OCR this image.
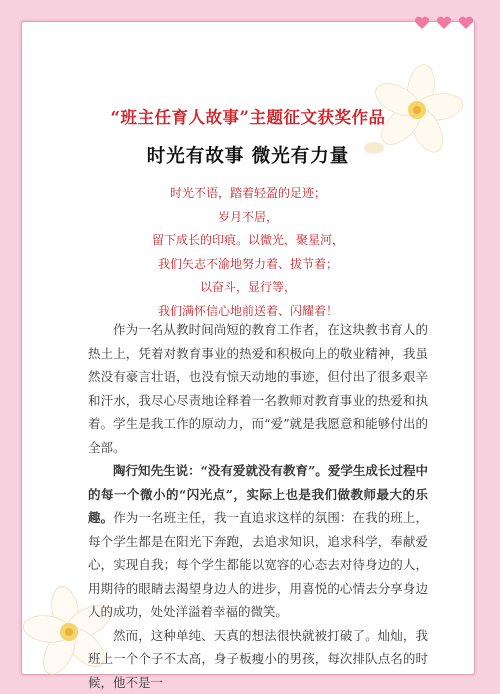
“班主任育人故事”主题征文获奖作品
时光有故事 微光有力量
时光不语，踏着轻盈的足迹；
岁月不居，
留下成长的印痕。以微光，聚星河，
我们矢志不渝地努力着、拔节着；
以奋斗，显行等，
我们满怀信心地前送着、闪耀着！

作为一名从教时间尚短的教育工作者，在这块教书育人的热土上，凭着对教育事业的热爱和积极向上的敬业精神，我虽然没有豪言壮语，也没有惊天动地的事迹，但付出了很多艰辛和汗水，我尽心尽责地诠释着一名教师对教育事业的热爱和执着。学生是我工作的原动力，而“爱”就是我愿意和能够付出的全部。

陶行知先生说：“没有爱就没有教育”。爱学生成长过程中的每一个微小的“闪光点”，实际上也是我们做教师最大的乐趣。作为一名班主任，我一直追求这样的氛围：在我的班上，每个学生都是在阳光下奔跑，去追求知识，追求科学，奉献爱心，实现自我；每个学生都能以宽容的心态去对待身边的人，用期待的眼睛去渴望身边人的进步，用喜悦的心情去分享身边人的成功，处处洋溢着幸福的微笑。

然而，这种单纯、天真的想法很快就被打破了。灿灿，我班上一个个子不太高，身子板瘦小的男孩，每次排队点名的时候，他不是一
